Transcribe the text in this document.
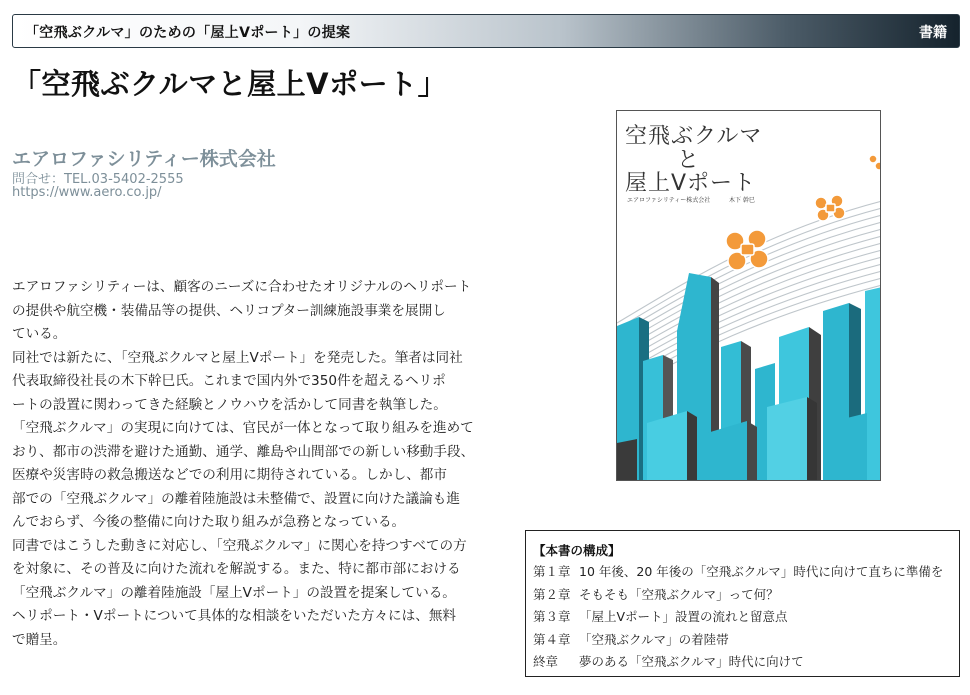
「空飛ぶクルマ」のための「屋上Vポート」の提案	書籍
「空飛ぶクルマと屋上Vポート」
エアロファシリティー株式会社
問合せ：TEL.03-5402-2555
https://www.aero.co.jp/

エアロファシリティーは、顧客のニーズに合わせたオリジナルのヘリポート

の提供や航空機・装備品等の提供、ヘリコプター訓練施設事業を展開し

ている。

同社では新たに、「空飛ぶクルマと屋上Vポート」を発売した。筆者は同社

代表取締役社長の木下幹巳氏。これまで国内外で350件を超えるヘリポ

ートの設置に関わってきた経験とノウハウを活かして同書を執筆した。

「空飛ぶクルマ」の実現に向けては、官民が一体となって取り組みを進めて

おり、都市の渋滞を避けた通勤、通学、離島や山間部での新しい移動手段、

医療や災害時の救急搬送などでの利用に期待されている。しかし、都市

部での「空飛ぶクルマ」の離着陸施設は未整備で、設置に向けた議論も進

んでおらず、今後の整備に向けた取り組みが急務となっている。

同書ではこうした動きに対応し、「空飛ぶクルマ」に関心を持つすべての方

を対象に、その普及に向けた流れを解説する。また、特に都市部における

「空飛ぶクルマ」の離着陸施設「屋上Vポート」の設置を提案している。

ヘリポート・Vポートについて具体的な相談をいただいた方々には、無料

で贈呈。

空飛ぶクルマ
と
屋上Vポート
エアロファシリティー株式会社	木下 幹巳
【本書の構成】
第１章 10 年後、20 年後の「空飛ぶクルマ」時代に向けて直ちに準備を
第２章 そもそも「空飛ぶクルマ」って何？
第３章 「屋上Vポート」設置の流れと留意点
第４章 「空飛ぶクルマ」の着陸帯
終章 夢のある「空飛ぶクルマ」時代に向けて
